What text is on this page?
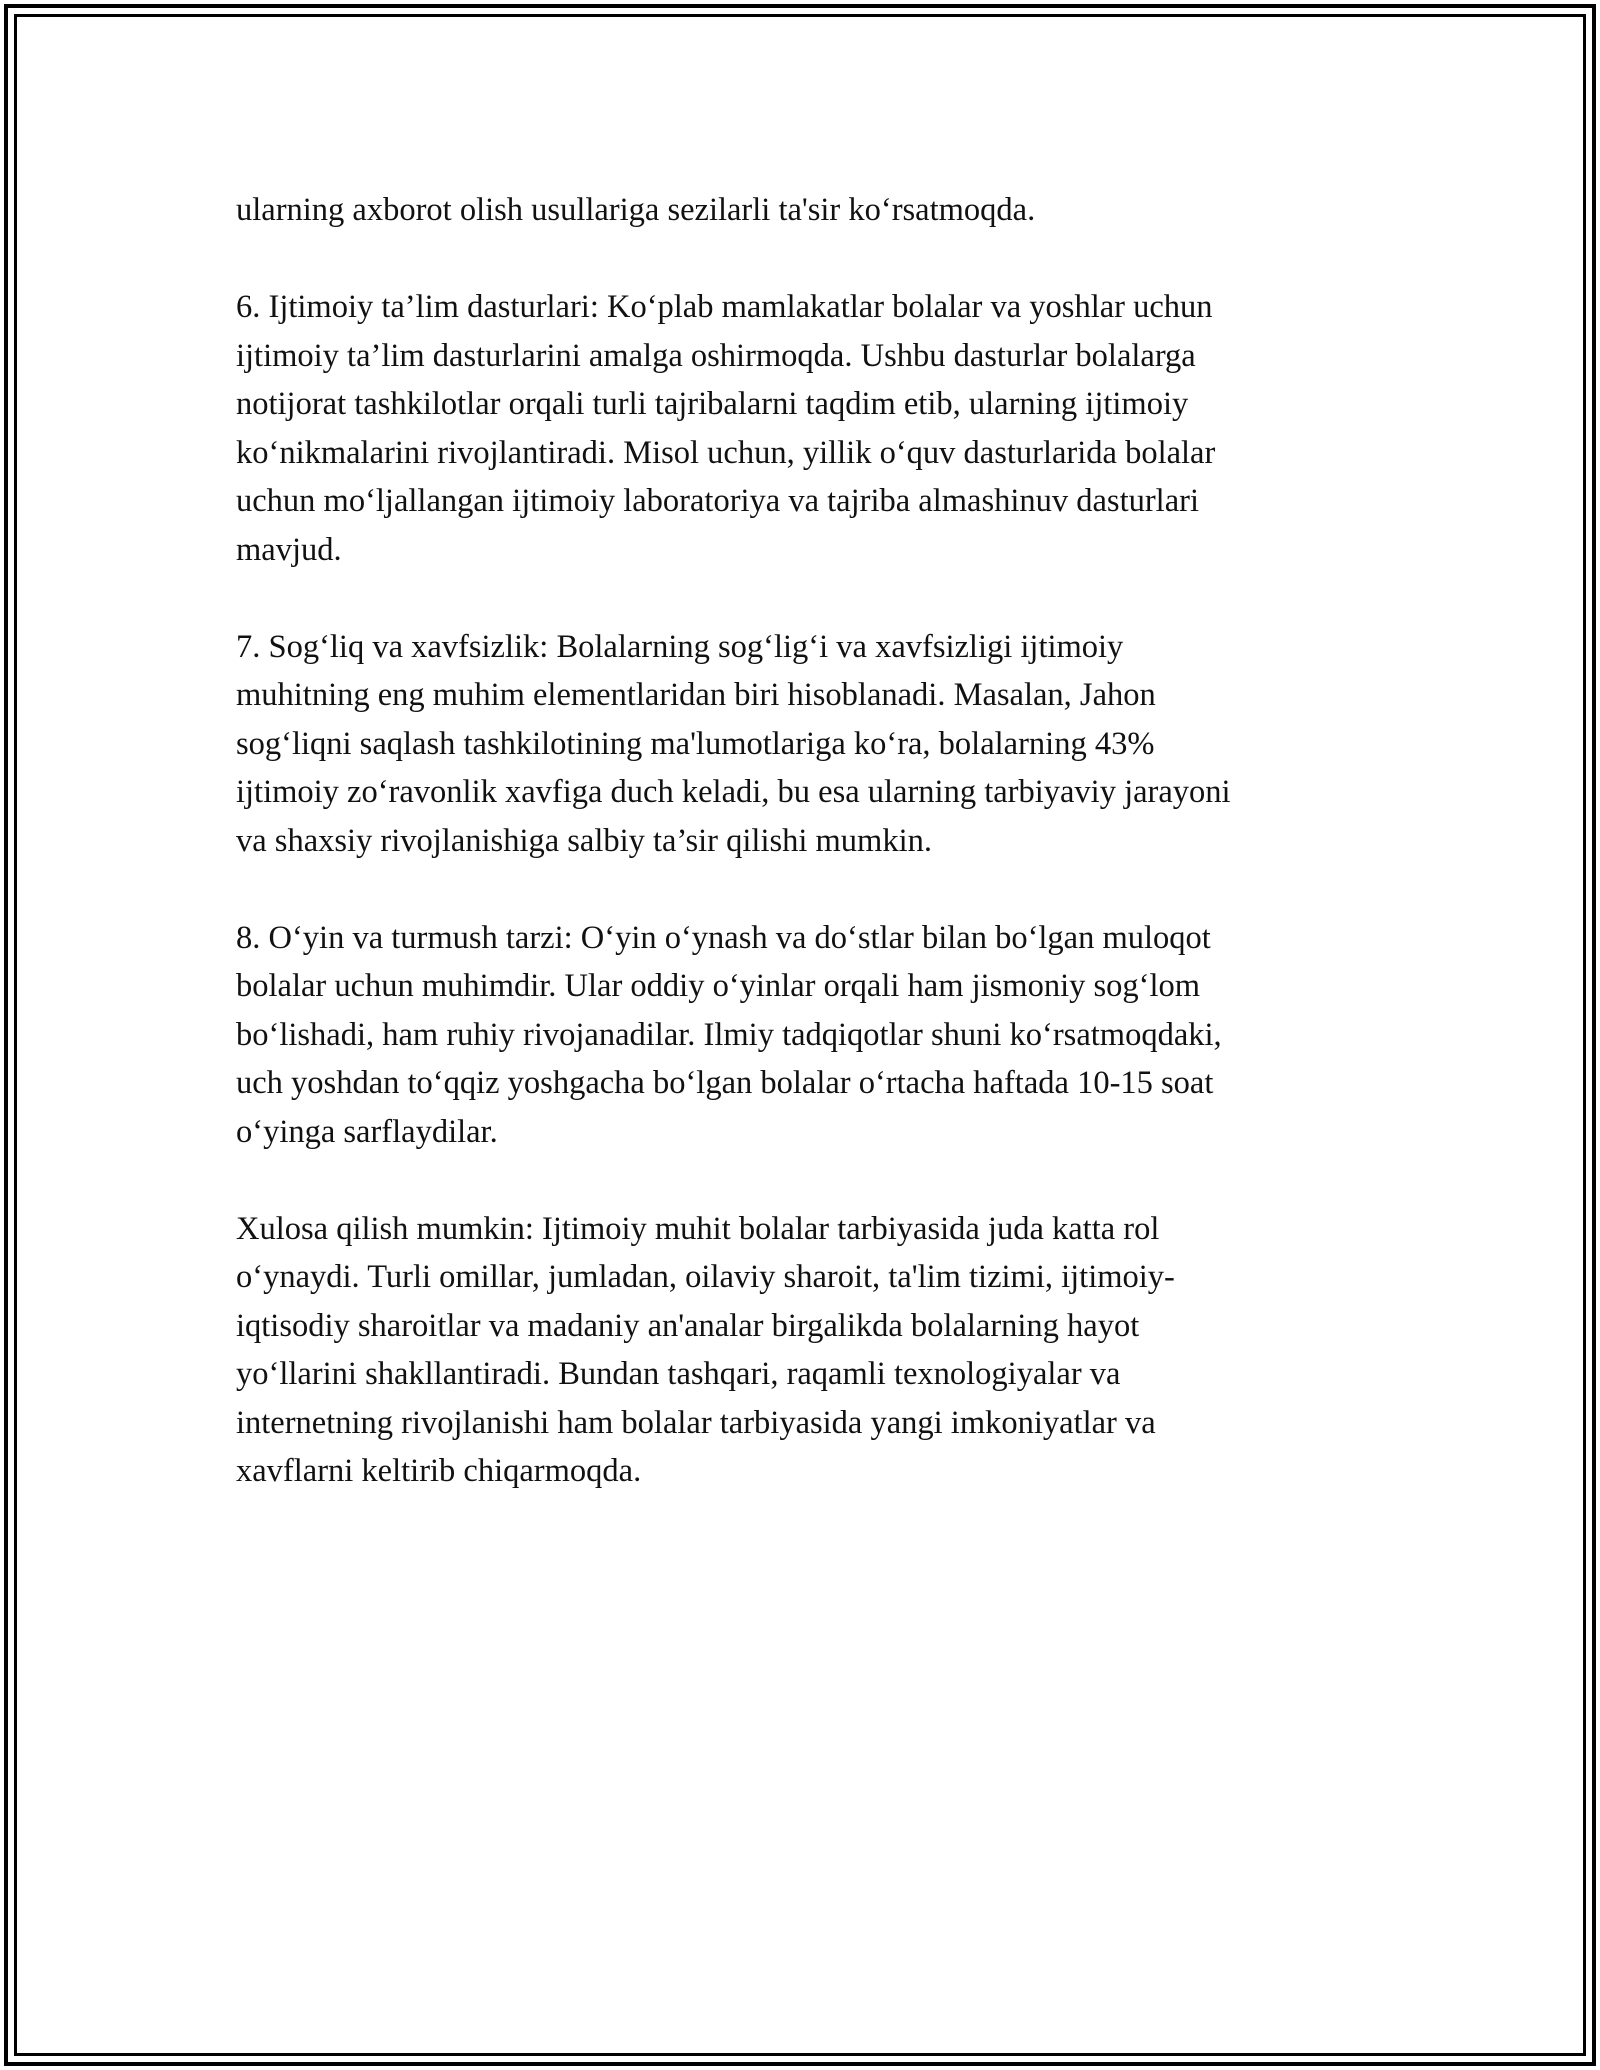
ularning axborot olish usullariga sezilarli ta'sir koʻrsatmoqda.

6. Ijtimoiy ta’lim dasturlari: Koʻplab mamlakatlar bolalar va yoshlar uchun
ijtimoiy ta’lim dasturlarini amalga oshirmoqda. Ushbu dasturlar bolalarga
notijorat tashkilotlar orqali turli tajribalarni taqdim etib, ularning ijtimoiy
koʻnikmalarini rivojlantiradi. Misol uchun, yillik oʻquv dasturlarida bolalar
uchun moʻljallangan ijtimoiy laboratoriya va tajriba almashinuv dasturlari
mavjud.

7. Sogʻliq va xavfsizlik: Bolalarning sogʻligʻi va xavfsizligi ijtimoiy
muhitning eng muhim elementlaridan biri hisoblanadi. Masalan, Jahon
sogʻliqni saqlash tashkilotining ma'lumotlariga koʻra, bolalarning 43%
ijtimoiy zoʻravonlik xavfiga duch keladi, bu esa ularning tarbiyaviy jarayoni
va shaxsiy rivojlanishiga salbiy ta’sir qilishi mumkin.

8. Oʻyin va turmush tarzi: Oʻyin oʻynash va doʻstlar bilan boʻlgan muloqot
bolalar uchun muhimdir. Ular oddiy oʻyinlar orqali ham jismoniy sogʻlom
boʻlishadi, ham ruhiy rivojanadilar. Ilmiy tadqiqotlar shuni koʻrsatmoqdaki,
uch yoshdan toʻqqiz yoshgacha boʻlgan bolalar oʻrtacha haftada 10-15 soat
oʻyinga sarflaydilar.

Xulosa qilish mumkin: Ijtimoiy muhit bolalar tarbiyasida juda katta rol
oʻynaydi. Turli omillar, jumladan, oilaviy sharoit, ta'lim tizimi, ijtimoiy-
iqtisodiy sharoitlar va madaniy an'analar birgalikda bolalarning hayot
yoʻllarini shakllantiradi. Bundan tashqari, raqamli texnologiyalar va
internetning rivojlanishi ham bolalar tarbiyasida yangi imkoniyatlar va
xavflarni keltirib chiqarmoqda.
